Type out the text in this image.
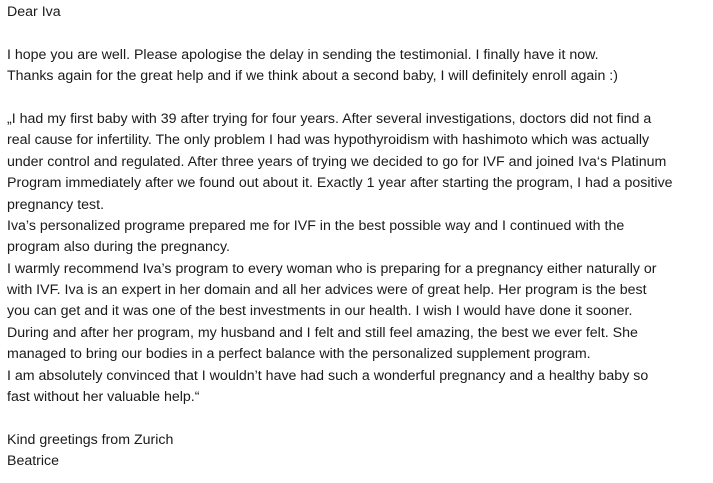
Dear Iva
I hope you are well. Please apologise the delay in sending the testimonial. I finally have it now.
Thanks again for the great help and if we think about a second baby, I will definitely enroll again :)
„I had my first baby with 39 after trying for four years. After several investigations, doctors did not find a
real cause for infertility. The only problem I had was hypothyroidism with hashimoto which was actually
under control and regulated. After three years of trying we decided to go for IVF and joined Iva‘s Platinum
Program immediately after we found out about it. Exactly 1 year after starting the program, I had a positive
pregnancy test.
Iva’s personalized programe prepared me for IVF in the best possible way and I continued with the
program also during the pregnancy.
I warmly recommend Iva’s program to every woman who is preparing for a pregnancy either naturally or
with IVF. Iva is an expert in her domain and all her advices were of great help. Her program is the best
you can get and it was one of the best investments in our health. I wish I would have done it sooner.
During and after her program, my husband and I felt and still feel amazing, the best we ever felt. She
managed to bring our bodies in a perfect balance with the personalized supplement program.
I am absolutely convinced that I wouldn’t have had such a wonderful pregnancy and a healthy baby so
fast without her valuable help.“
Kind greetings from Zurich
Beatrice
